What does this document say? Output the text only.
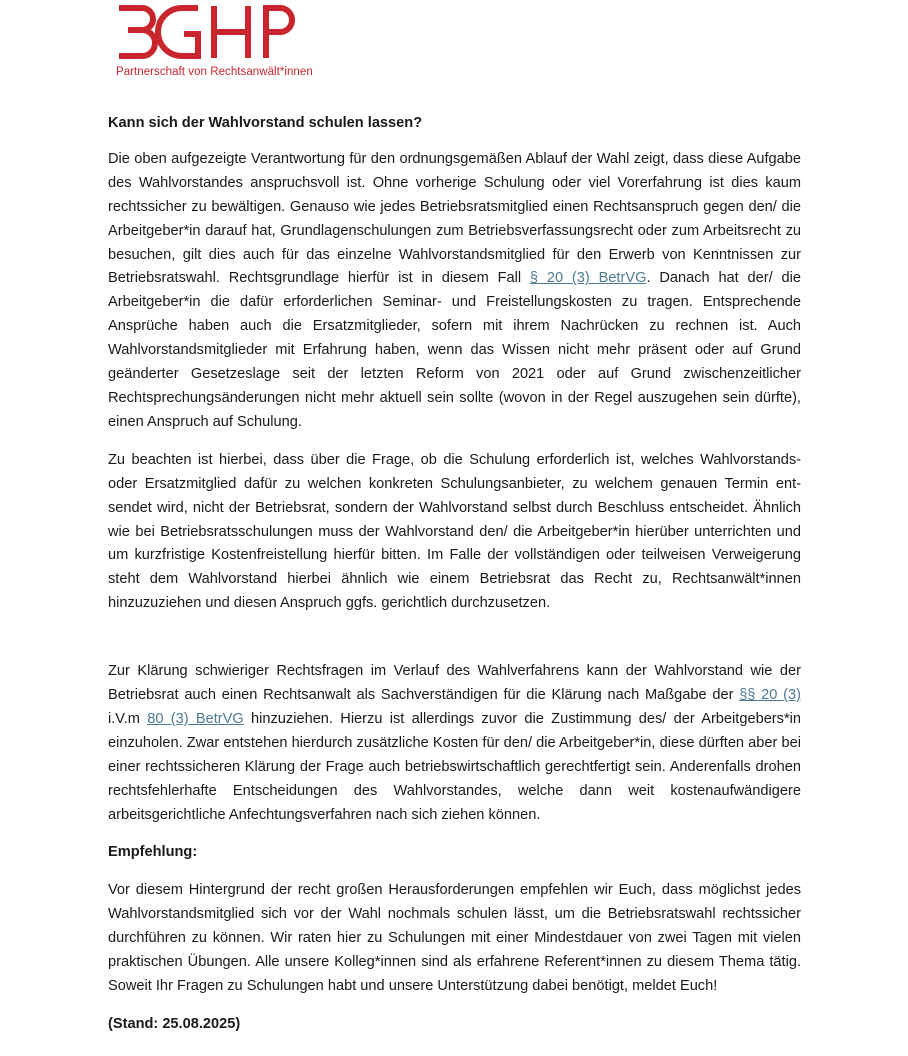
Partnerschaft von Rechtsanwält*innen

Kann sich der Wahlvorstand schulen lassen?

Die oben aufgezeigte Verantwortung für den ordnungsgemäßen Ablauf der Wahl zeigt, dass diese Aufgabe des Wahlvorstandes anspruchsvoll ist. Ohne vorherige Schulung oder viel Vorerfahrung ist dies kaum rechtssicher zu bewältigen. Genauso wie jedes Betriebsratsmitglied einen Rechtsanspruch gegen den/ die Arbeitgeber*in darauf hat, Grundlagenschulungen zum Betriebsverfassungsrecht oder zum Arbeitsrecht zu besuchen, gilt dies auch für das einzelne Wahlvorstandsmitglied für den Erwerb von Kenntnissen zur Betriebsratswahl. Rechtsgrundlage hierfür ist in diesem Fall § 20 (3) BetrVG. Danach hat der/ die Arbeitgeber*in die dafür erforderlichen Seminar- und Freistellungskosten zu tragen. Entsprechende Ansprüche haben auch die Ersatzmitglieder, sofern mit ihrem Nachrücken zu rechnen ist. Auch Wahlvorstandsmitglieder mit Erfahrung haben, wenn das Wissen nicht mehr präsent oder auf Grund geänderter Gesetzeslage seit der letzten Reform von 2021 oder auf Grund zwischenzeitlicher Rechtsprechungsänderungen nicht mehr aktuell sein sollte (wovon in der Regel auszugehen sein dürfte), einen Anspruch auf Schulung.

Zu beachten ist hierbei, dass über die Frage, ob die Schulung erforderlich ist, welches Wahlvorstands- oder Ersatzmitglied dafür zu welchen konkreten Schulungsanbieter, zu welchem genauen Termin entsendet wird, nicht der Betriebsrat, sondern der Wahlvorstand selbst durch Beschluss entscheidet. Ähnlich wie bei Betriebsratsschulungen muss der Wahlvorstand den/ die Arbeitgeber*in hierüber unterrichten und um kurzfristige Kostenfreistellung hierfür bitten. Im Falle der vollständigen oder teilweisen Verweigerung steht dem Wahlvorstand hierbei ähnlich wie einem Betriebsrat das Recht zu, Rechtsanwält*innen hinzuzuziehen und diesen Anspruch ggfs. gerichtlich durchzusetzen.

Zur Klärung schwieriger Rechtsfragen im Verlauf des Wahlverfahrens kann der Wahlvorstand wie der Betriebsrat auch einen Rechtsanwalt als Sachverständigen für die Klärung nach Maßgabe der §§ 20 (3) i.V.m 80 (3) BetrVG hinzuziehen. Hierzu ist allerdings zuvor die Zustimmung des/ der Arbeitgebers*in einzuholen. Zwar entstehen hierdurch zusätzliche Kosten für den/ die Arbeitgeber*in, diese dürften aber bei einer rechtssicheren Klärung der Frage auch betriebswirtschaftlich gerechtfertigt sein. Anderenfalls drohen rechtsfehlerhafte Entscheidungen des Wahlvorstandes, welche dann weit kostenaufwändigere arbeitsgerichtliche Anfechtungsverfahren nach sich ziehen können.

Empfehlung:

Vor diesem Hintergrund der recht großen Herausforderungen empfehlen wir Euch, dass möglichst jedes Wahlvorstandsmitglied sich vor der Wahl nochmals schulen lässt, um die Betriebsratswahl rechtssicher durchführen zu können. Wir raten hier zu Schulungen mit einer Mindestdauer von zwei Tagen mit vielen praktischen Übungen. Alle unsere Kolleg*innen sind als erfahrene Referent*innen zu diesem Thema tätig. Soweit Ihr Fragen zu Schulungen habt und unsere Unterstützung dabei benötigt, meldet Euch!

(Stand: 25.08.2025)
